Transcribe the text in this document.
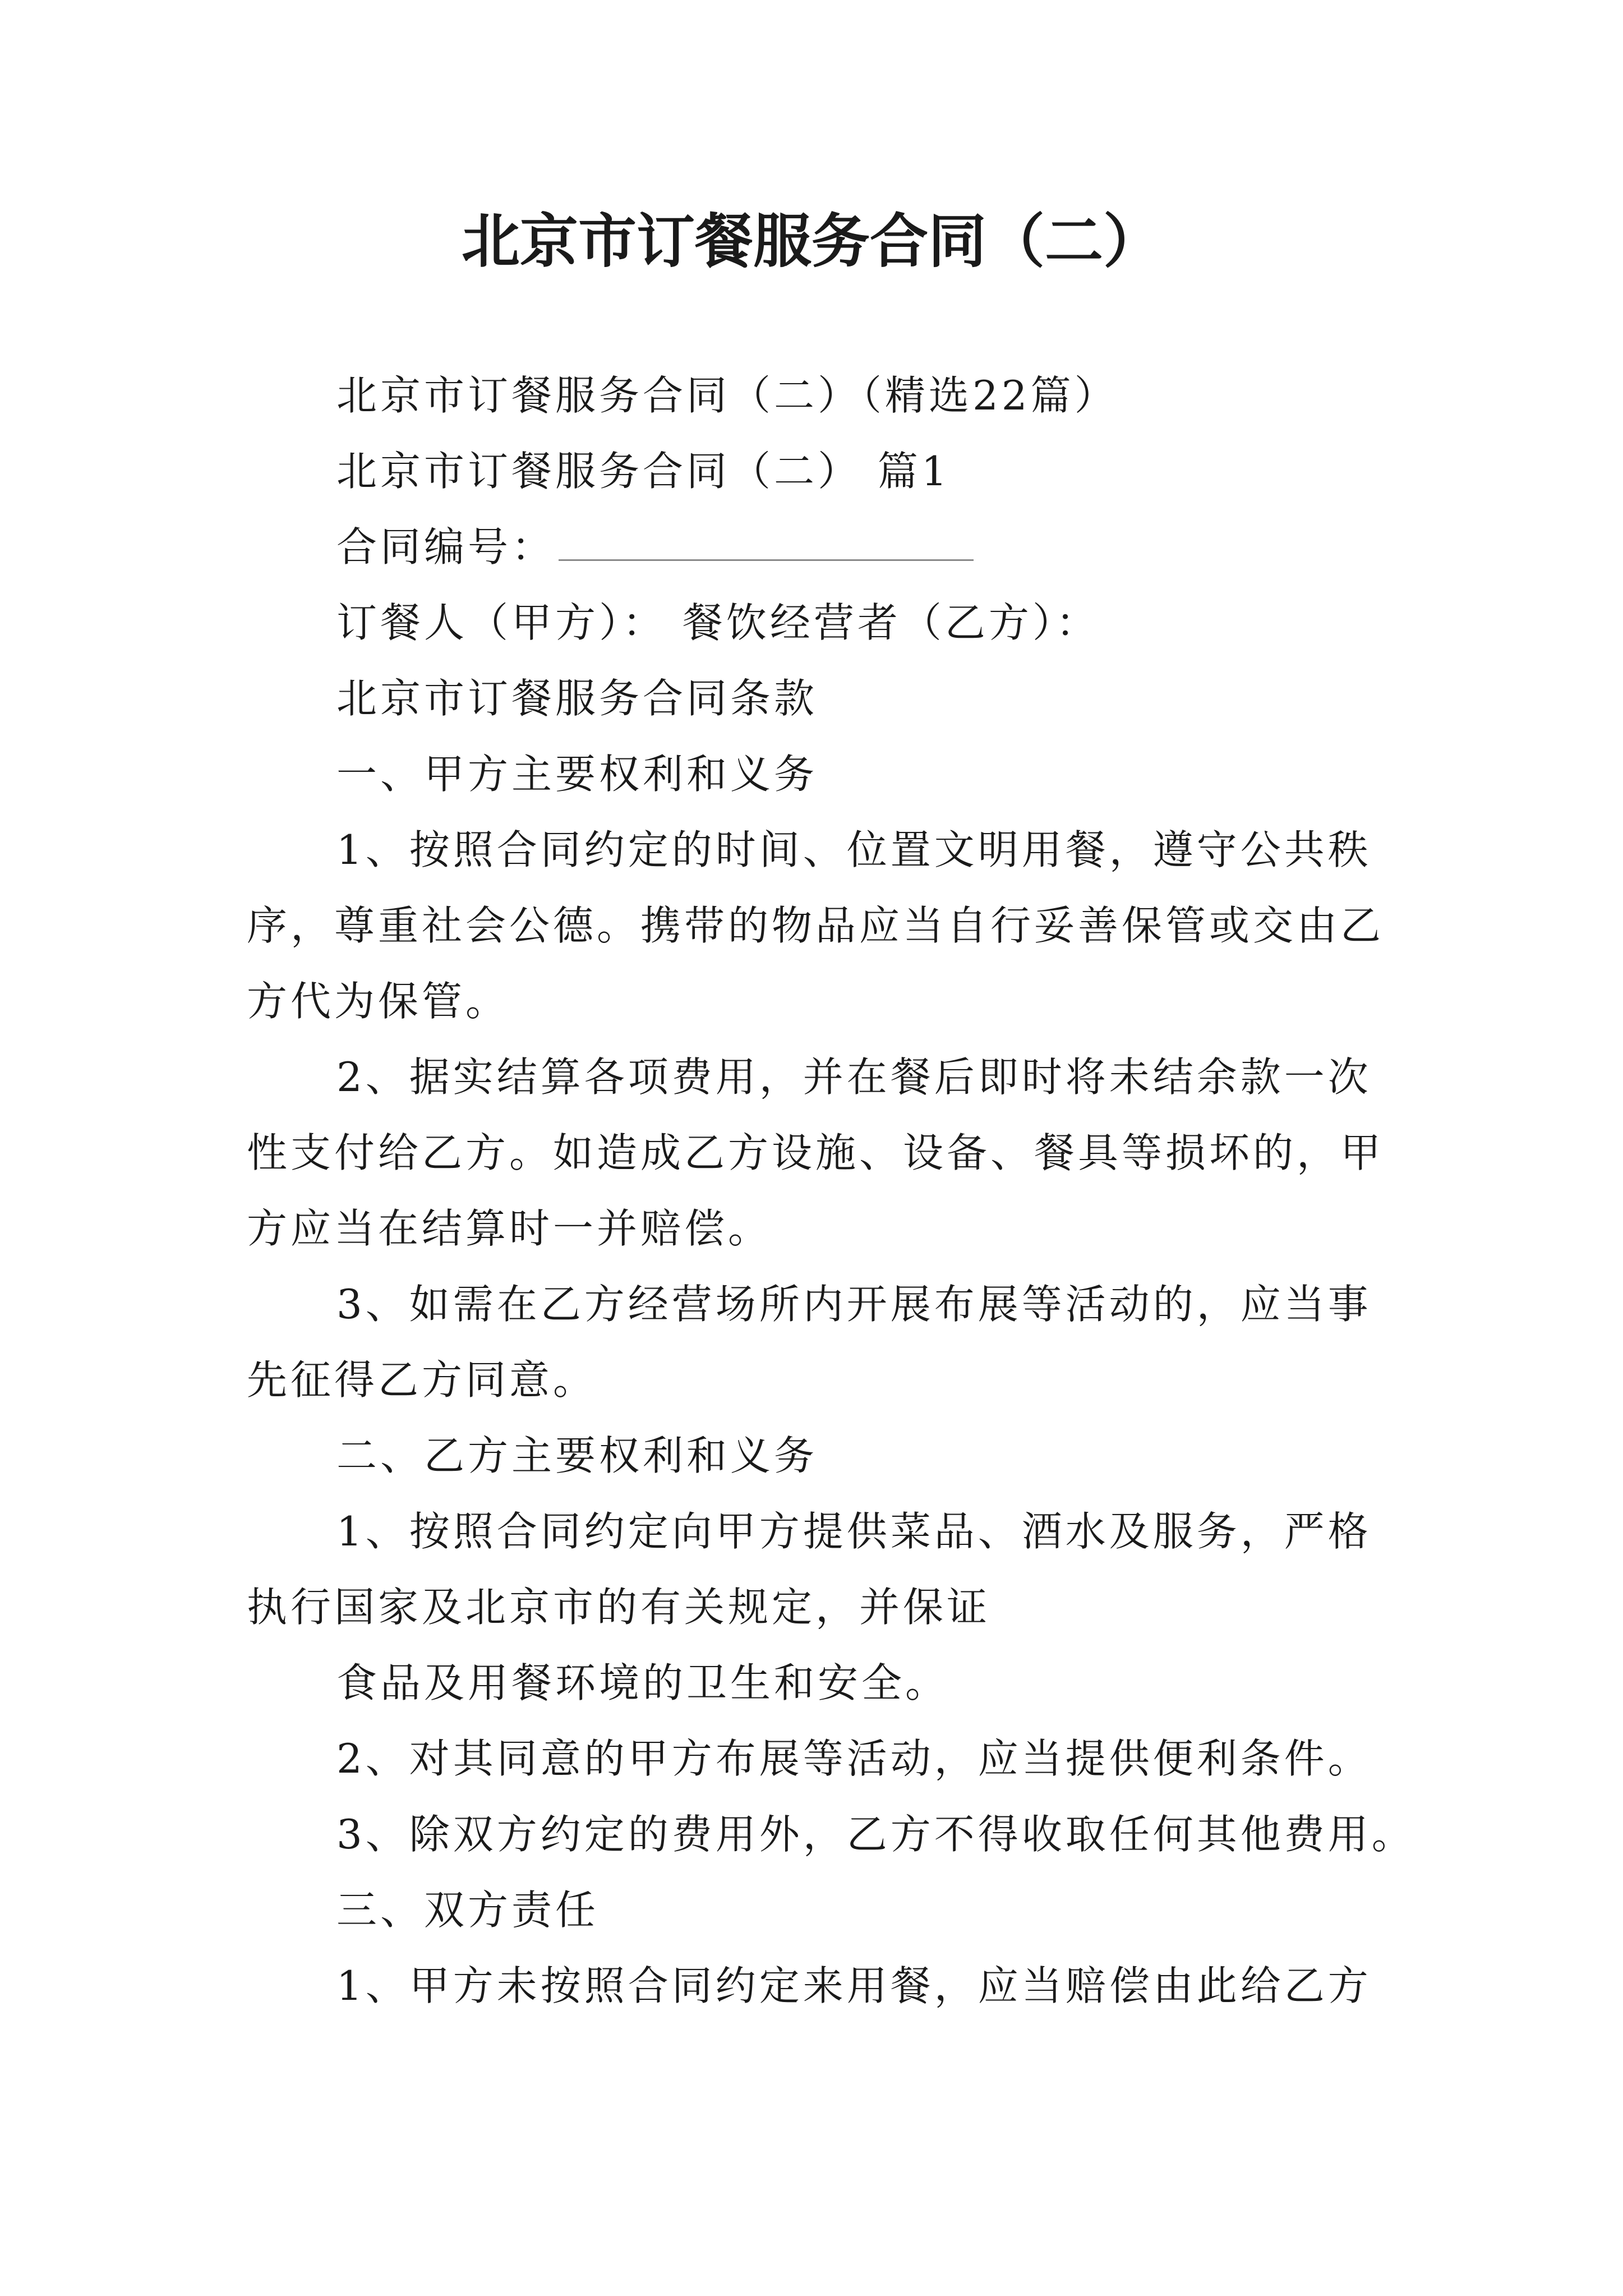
北京市订餐服务合同（二）
北京市订餐服务合同（二）（精选22篇）
北京市订餐服务合同（二） 篇1
合同编号：
订餐人（甲方）： 餐饮经营者（乙方）：
北京市订餐服务合同条款
一、甲方主要权利和义务
1、按照合同约定的时间、位置文明用餐，遵守公共秩
序，尊重社会公德。携带的物品应当自行妥善保管或交由乙
方代为保管。
2、据实结算各项费用，并在餐后即时将未结余款一次
性支付给乙方。如造成乙方设施、设备、餐具等损坏的，甲
方应当在结算时一并赔偿。
3、如需在乙方经营场所内开展布展等活动的，应当事
先征得乙方同意。
二、乙方主要权利和义务
1、按照合同约定向甲方提供菜品、酒水及服务，严格
执行国家及北京市的有关规定，并保证
食品及用餐环境的卫生和安全。
2、对其同意的甲方布展等活动，应当提供便利条件。
3、除双方约定的费用外，乙方不得收取任何其他费用。
三、双方责任
1、甲方未按照合同约定来用餐，应当赔偿由此给乙方
